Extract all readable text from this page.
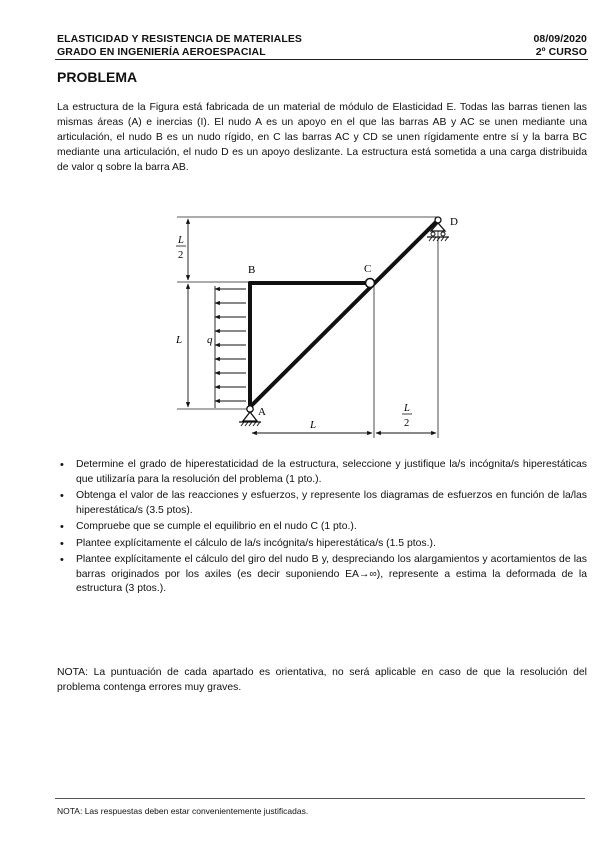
ELASTICIDAD Y RESISTENCIA DE MATERIALES
GRADO EN INGENIERÍA AEROESPACIAL
08/09/2020
2º CURSO
PROBLEMA
La estructura de la Figura está fabricada de un material de módulo de Elasticidad E. Todas las barras tienen las mismas áreas (A) e inercias (I). El nudo A es un apoyo en el que las barras AB y AC se unen mediante una articulación, el nudo B es un nudo rígido, en C las barras AC y CD se unen rígidamente entre sí y la barra BC mediante una articulación, el nudo D es un apoyo deslizante. La estructura está sometida a una carga distribuida de valor q sobre la barra AB.
B	C
D
A
L
2
L q
L
L
2
• Determine el grado de hiperestaticidad de la estructura, seleccione y justifique la/s incógnita/s hiperestáticas que utilizaría para la resolución del problema (1 pto.).
• Obtenga el valor de las reacciones y esfuerzos, y represente los diagramas de esfuerzos en función de la/las hiperestática/s (3.5 ptos).
• Compruebe que se cumple el equilibrio en el nudo C (1 pto.).
• Plantee explícitamente el cálculo de la/s incógnita/s hiperestática/s (1.5 ptos.).
• Plantee explícitamente el cálculo del giro del nudo B y, despreciando los alargamientos y acortamientos de las barras originados por los axiles (es decir suponiendo EA→∞), represente a estima la deformada de la estructura (3 ptos.).
NOTA: La puntuación de cada apartado es orientativa, no será aplicable en caso de que la resolución del problema contenga errores muy graves.
NOTA: Las respuestas deben estar convenientemente justificadas.
